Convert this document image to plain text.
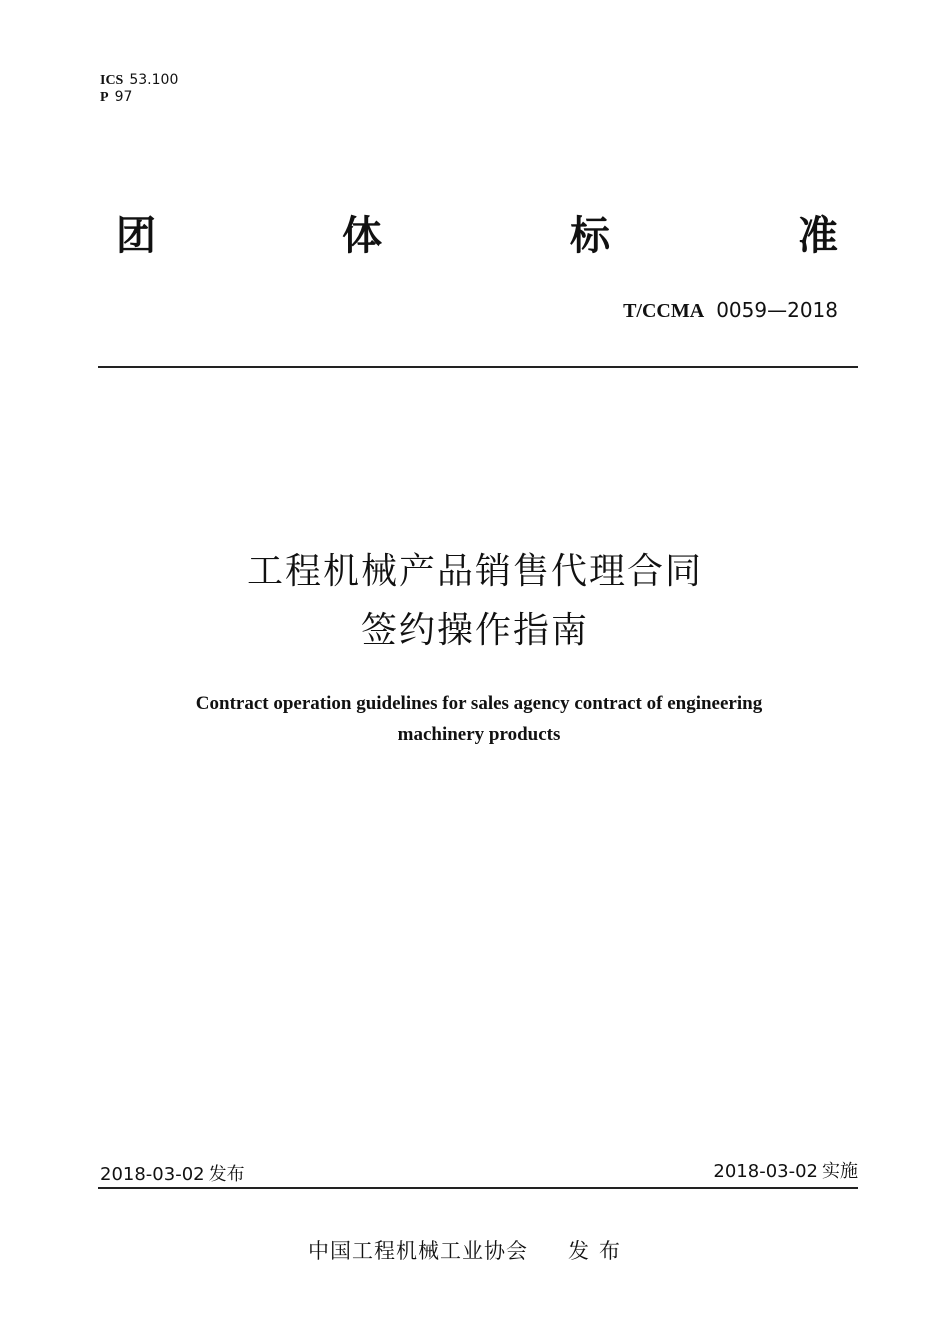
ICS 53.100
P 97
团	体	标	准
T/CCMA 0059—2018
工程机械产品销售代理合同
签约操作指南
Contract operation guidelines for sales agency contract of engineering
machinery products
2018-03-02 发布	2018-03-02 实施
中国工程机械工业协会 发布
